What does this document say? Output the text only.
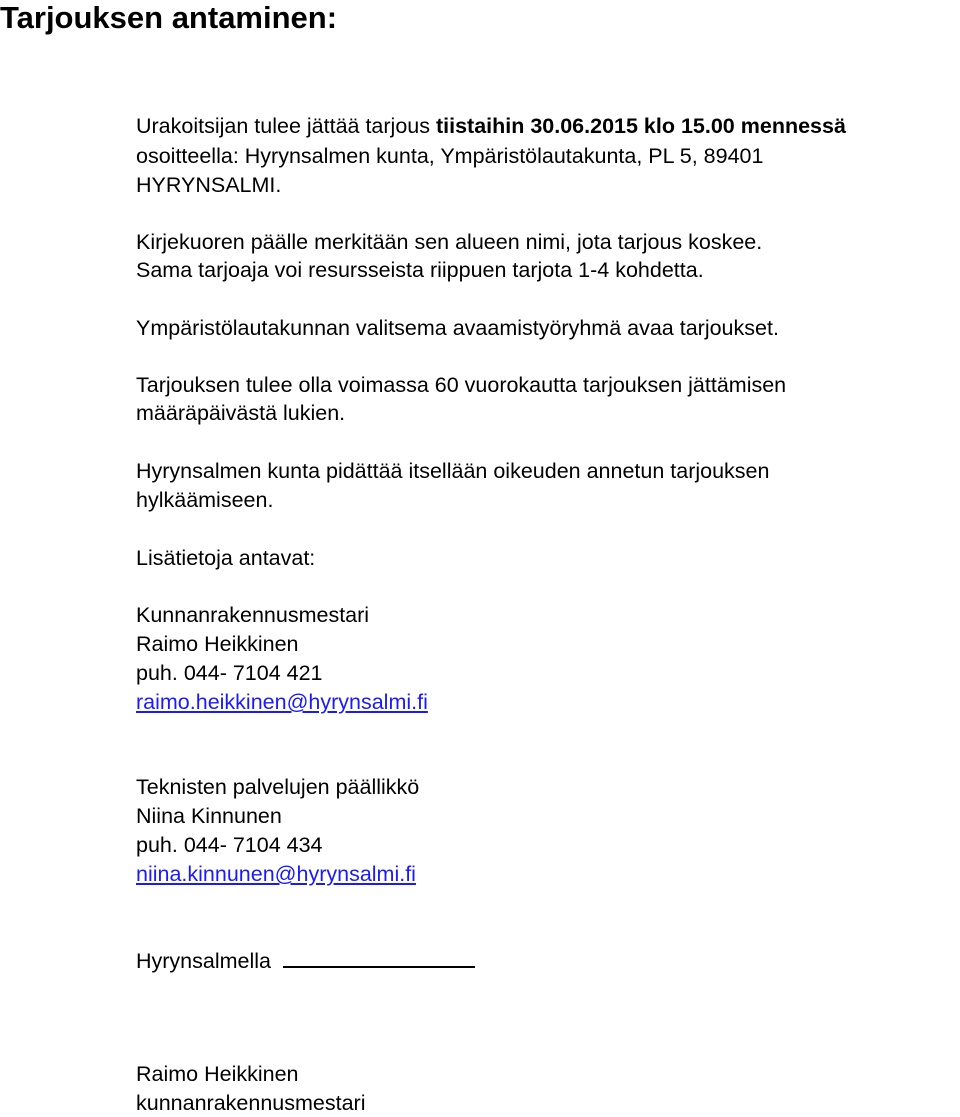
Tarjouksen antaminen:

Urakoitsijan tulee jättää tarjous tiistaihin 30.06.2015 klo 15.00 mennessä

osoitteella: Hyrynsalmen kunta, Ympäristölautakunta, PL 5, 89401

HYRYNSALMI.

Kirjekuoren päälle merkitään sen alueen nimi, jota tarjous koskee.

Sama tarjoaja voi resursseista riippuen tarjota 1-4 kohdetta.

Ympäristölautakunnan valitsema avaamistyöryhmä avaa tarjoukset.

Tarjouksen tulee olla voimassa 60 vuorokautta tarjouksen jättämisen

määräpäivästä lukien.

Hyrynsalmen kunta pidättää itsellään oikeuden annetun tarjouksen

hylkäämiseen.

Lisätietoja antavat:

Kunnanrakennusmestari

Raimo Heikkinen

puh. 044- 7104 421

raimo.heikkinen@hyrynsalmi.fi

Teknisten palvelujen päällikkö

Niina Kinnunen

puh. 044- 7104 434

niina.kinnunen@hyrynsalmi.fi

Hyrynsalmella

Raimo Heikkinen

kunnanrakennusmestari
